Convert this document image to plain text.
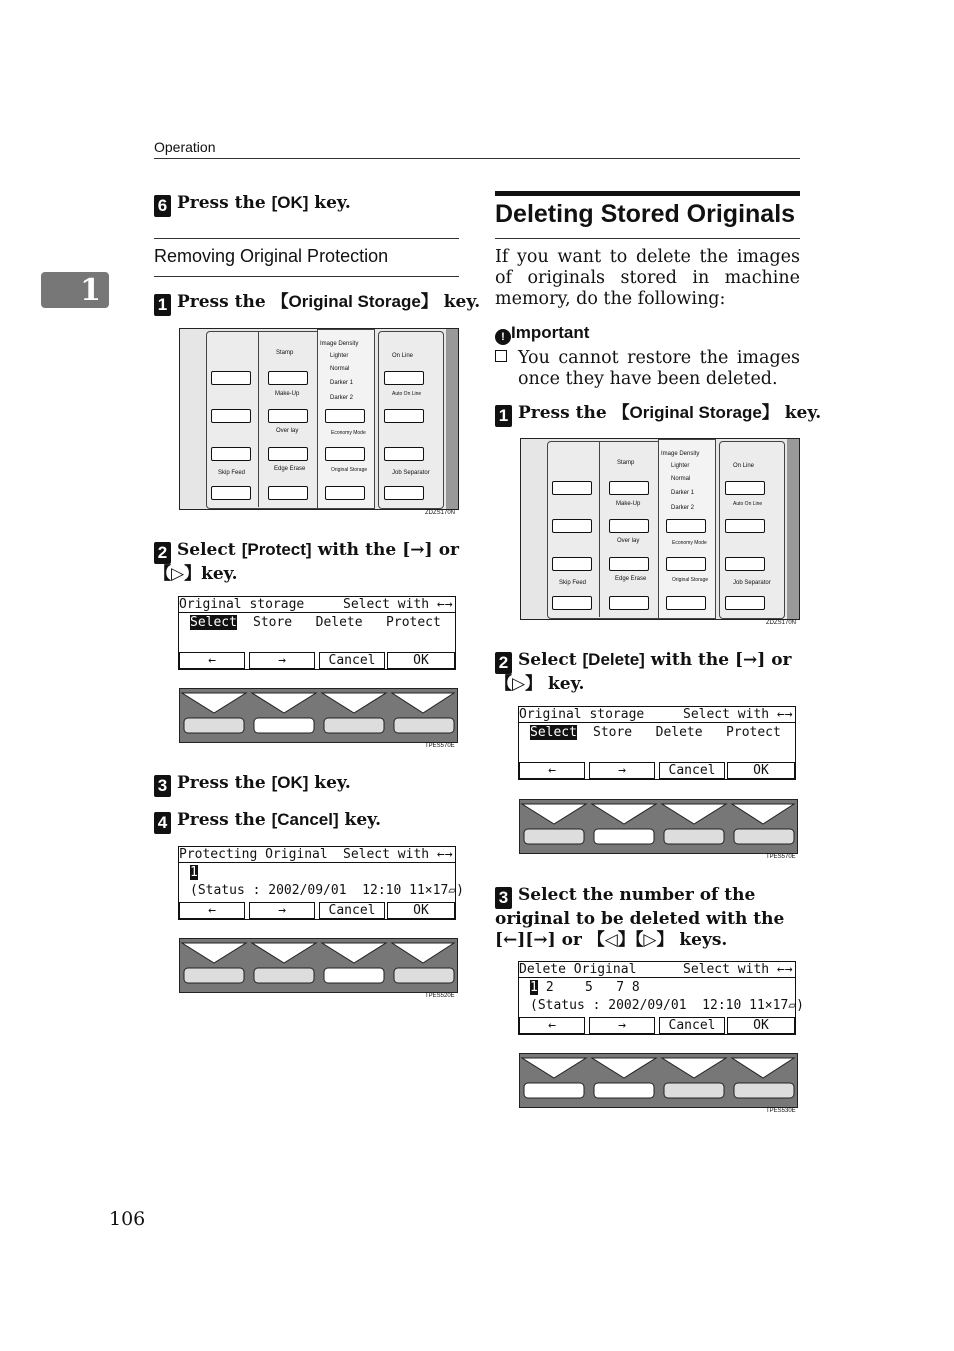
Operation
1
6 Press the [OK] key.
Removing Original Protection
1 Press the 【Original Storage】 key.
Skip Feed
Stamp
Make-Up
Over lay
Edge Erase
Image Density
Lighter
Normal
Darker 1
Darker 2
Economy Mode
Original Storage
On Line
Auto On Line
Job Separator
ZDZS170N
2 Select [Protect] with the [→] or 【▷】key.
Original storage	Select with ←→
Select Store   Delete   Protect
←	→	Cancel	OK
TPES570E
3 Press the [OK] key.
4 Press the [Cancel] key.
Protecting Original Select with ←→
1
(Status : 2002/09/01  12:10 11×17▱)
←	→	Cancel	OK
TPES520E
Deleting Stored Originals
If you want to delete the images of originals stored in machine memory, do the following:
! Important
You cannot restore the images once they have been deleted.
1 Press the 【Original Storage】 key.
Skip Feed
Stamp
Make-Up
Over lay
Edge Erase
Image Density
Lighter
Normal
Darker 1
Darker 2
Economy Mode
Original Storage
On Line
Auto On Line
Job Separator
ZDZS170N
2 Select [Delete] with the [→] or 【▷】 key.
Original storage	Select with ←→
Select Store   Delete   Protect
←	→	Cancel	OK
TPES570E
3 Select the number of the original to be deleted with the [←][→] or 【◁】【▷】 keys.
Delete Original	Select with ←→
1 2    5   7 8
(Status : 2002/09/01  12:10 11×17▱)
←	→	Cancel	OK
TPES530E
106
